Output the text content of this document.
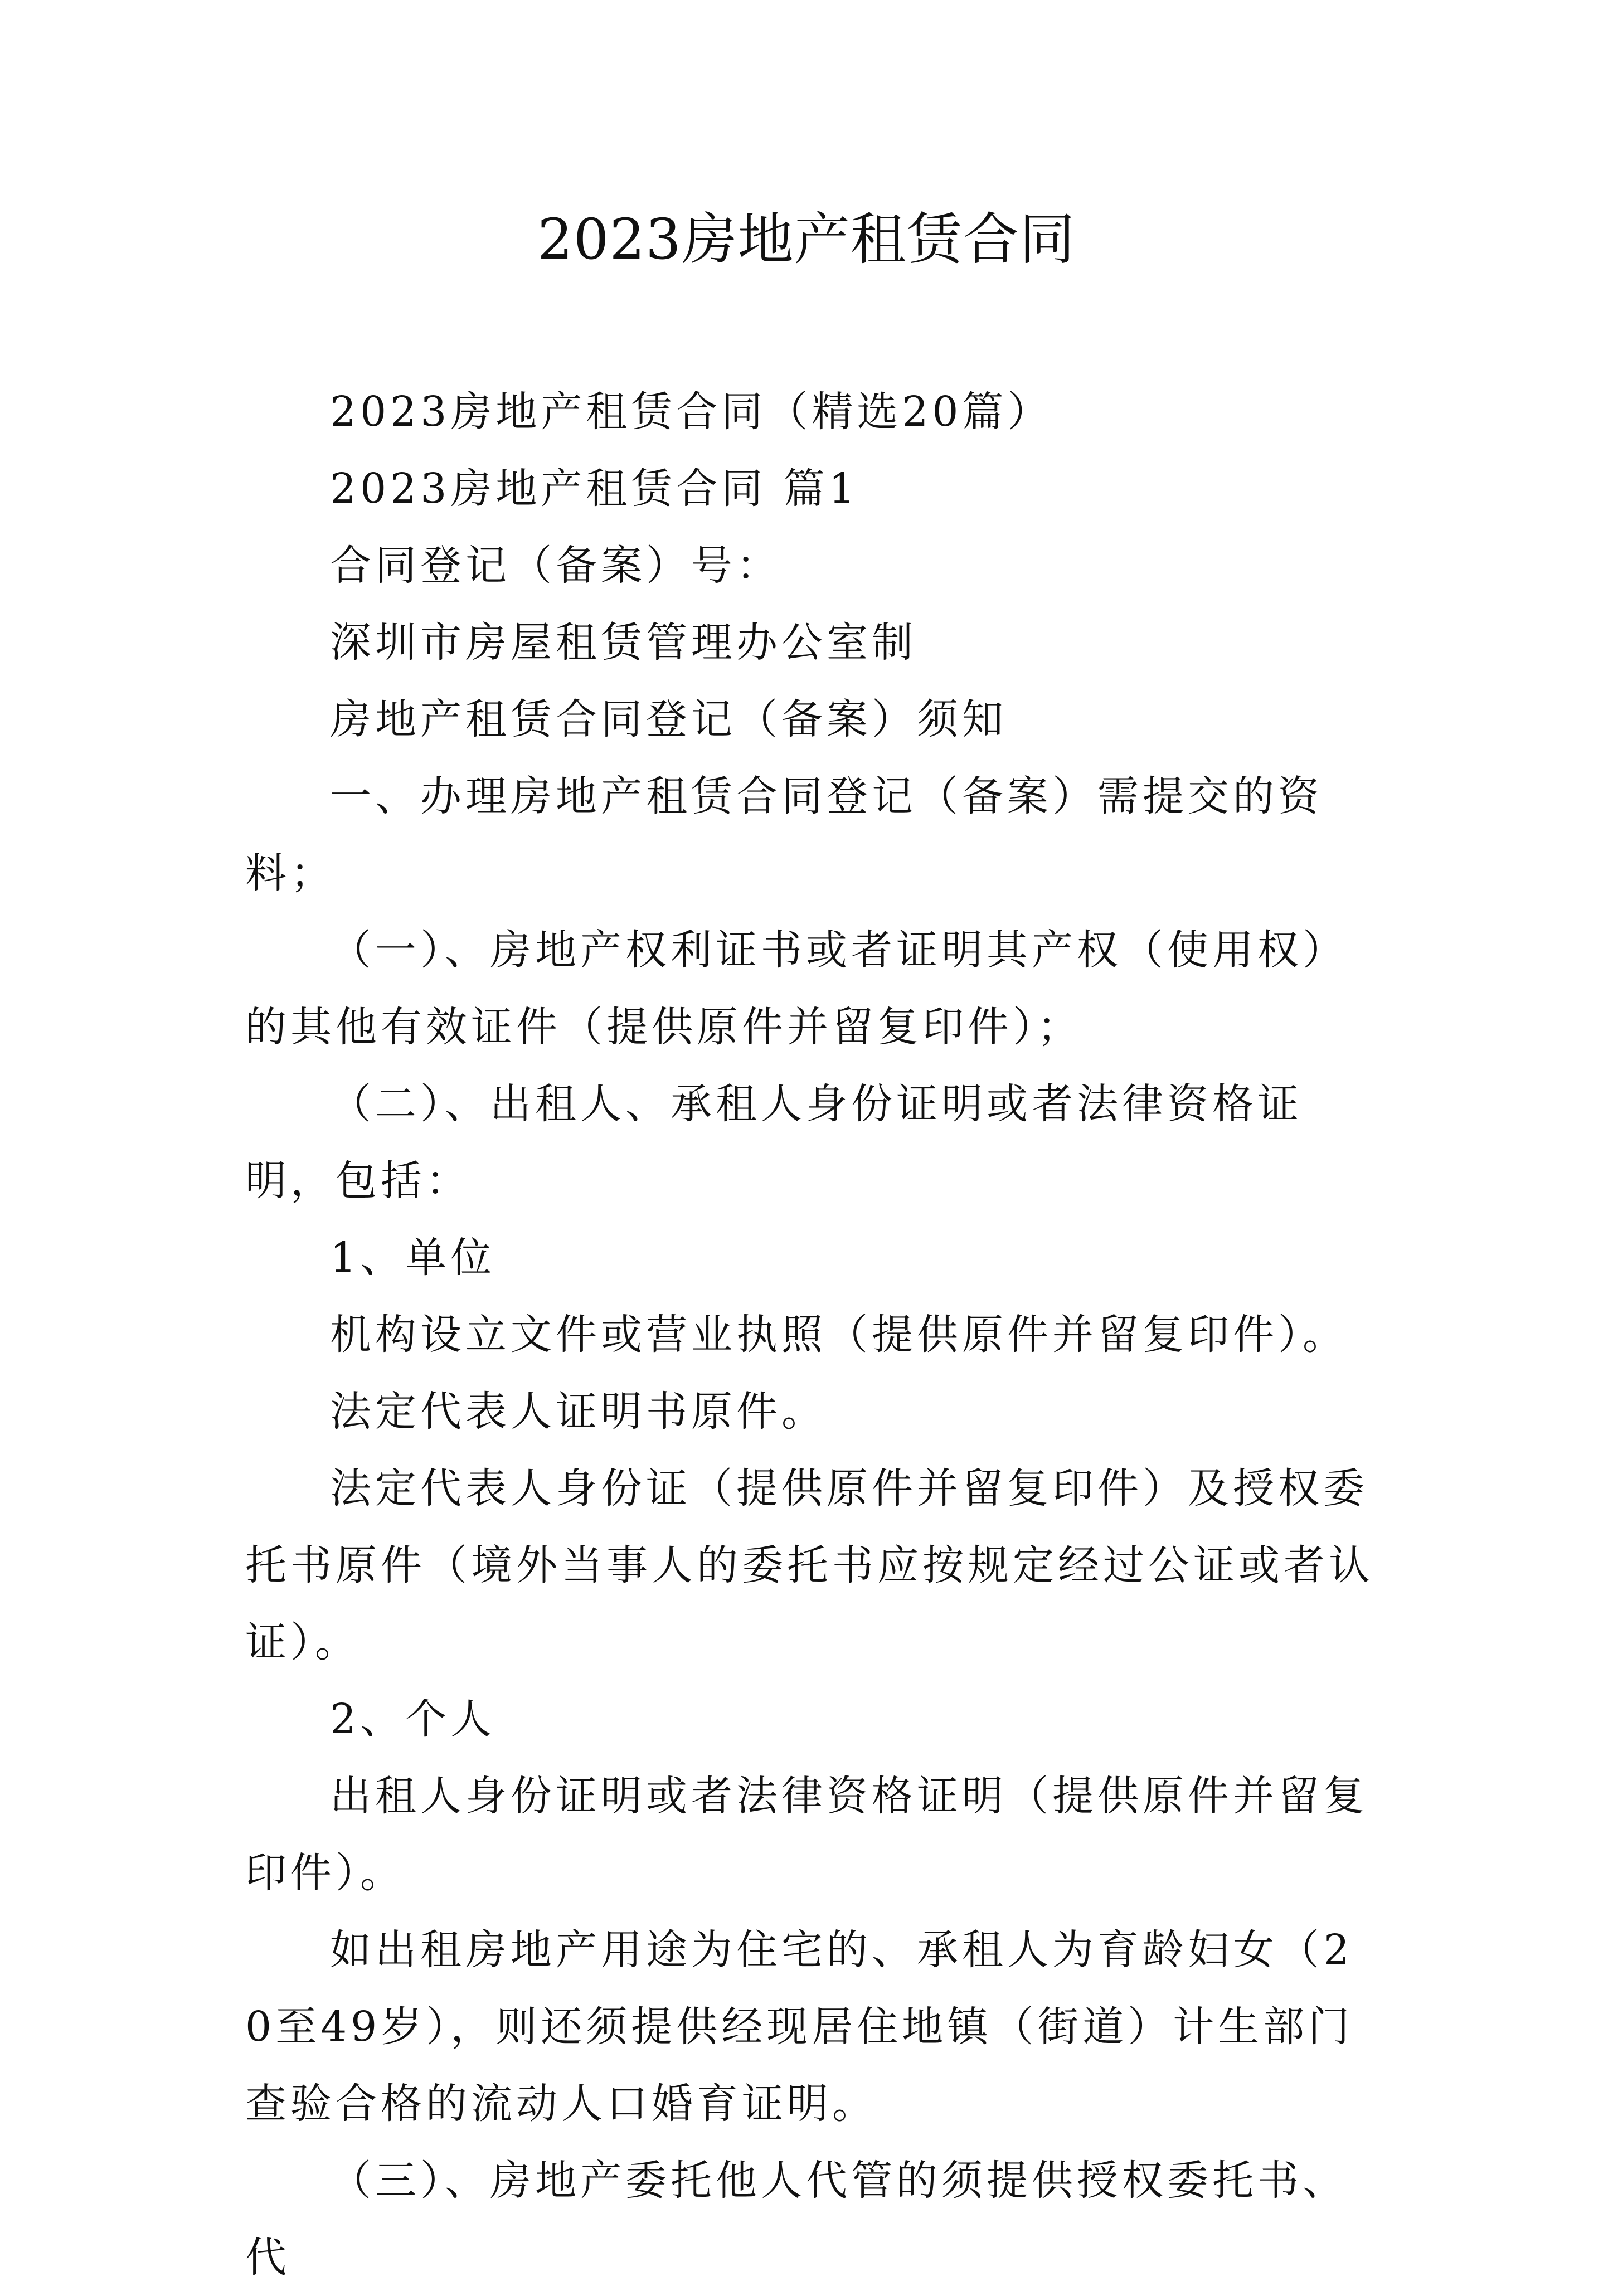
2023房地产租赁合同

2023房地产租赁合同（精选20篇）

2023房地产租赁合同 篇1

合同登记（备案）号：

深圳市房屋租赁管理办公室制

房地产租赁合同登记（备案）须知

一、办理房地产租赁合同登记（备案）需提交的资料；

（一）、房地产权利证书或者证明其产权（使用权）的其他有效证件（提供原件并留复印件）；

（二）、出租人、承租人身份证明或者法律资格证明，包括：

1、单位

机构设立文件或营业执照（提供原件并留复印件）。

法定代表人证明书原件。

法定代表人身份证（提供原件并留复印件）及授权委托书原件（境外当事人的委托书应按规定经过公证或者认证）。

2、个人

出租人身份证明或者法律资格证明（提供原件并留复印件）。

如出租房地产用途为住宅的、承租人为育龄妇女（20至49岁），则还须提供经现居住地镇（街道）计生部门查验合格的流动人口婚育证明。

（三）、房地产委托他人代管的须提供授权委托书、代
